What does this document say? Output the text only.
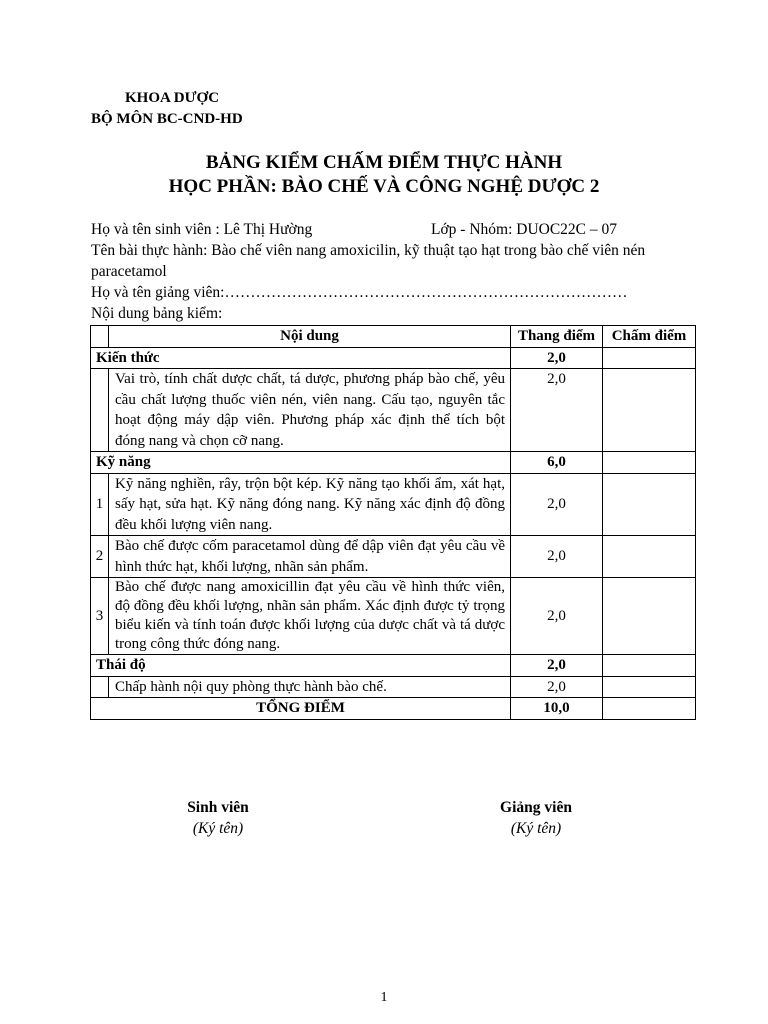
KHOA DƯỢC
BỘ MÔN BC-CND-HD
BẢNG KIỂM CHẤM ĐIỂM THỰC HÀNH
HỌC PHẦN: BÀO CHẾ VÀ CÔNG NGHỆ DƯỢC 2
Họ và tên sinh viên : Lê Thị Hường	Lớp - Nhóm: DUOC22C – 07
Tên bài thực hành: Bào chế viên nang amoxicilin, kỹ thuật tạo hạt trong bào chế viên nén
paracetamol
Họ và tên giảng viên:……………………………………………………………………
Nội dung bảng kiểm:
	Nội dung	Thang điểm	Chấm điểm
Kiến thức		2,0	
	Vai trò, tính chất dược chất, tá dược, phương pháp bào chế, yêu cầu chất lượng thuốc viên nén, viên nang. Cấu tạo, nguyên tắc hoạt động máy dập viên. Phương pháp xác định thể tích bột đóng nang và chọn cỡ nang.	2,0	
Kỹ năng		6,0	
1	Kỹ năng nghiền, rây, trộn bột kép. Kỹ năng tạo khối ẩm, xát hạt, sấy hạt, sửa hạt. Kỹ năng đóng nang. Kỹ năng xác định độ đồng đều khối lượng viên nang.	2,0	
2	Bào chế được cốm paracetamol dùng để dập viên đạt yêu cầu về hình thức hạt, khối lượng, nhãn sản phẩm.	2,0	
3	Bào chế được nang amoxicillin đạt yêu cầu về hình thức viên, độ đồng đều khối lượng, nhãn sản phẩm. Xác định được tỷ trọng biểu kiến và tính toán được khối lượng của dược chất và tá dược trong công thức đóng nang.	2,0	
Thái độ		2,0	
	Chấp hành nội quy phòng thực hành bào chế.	2,0	
TỔNG ĐIỂM		10,0	
Sinh viên
(Ký tên)
Giảng viên
(Ký tên)
1
